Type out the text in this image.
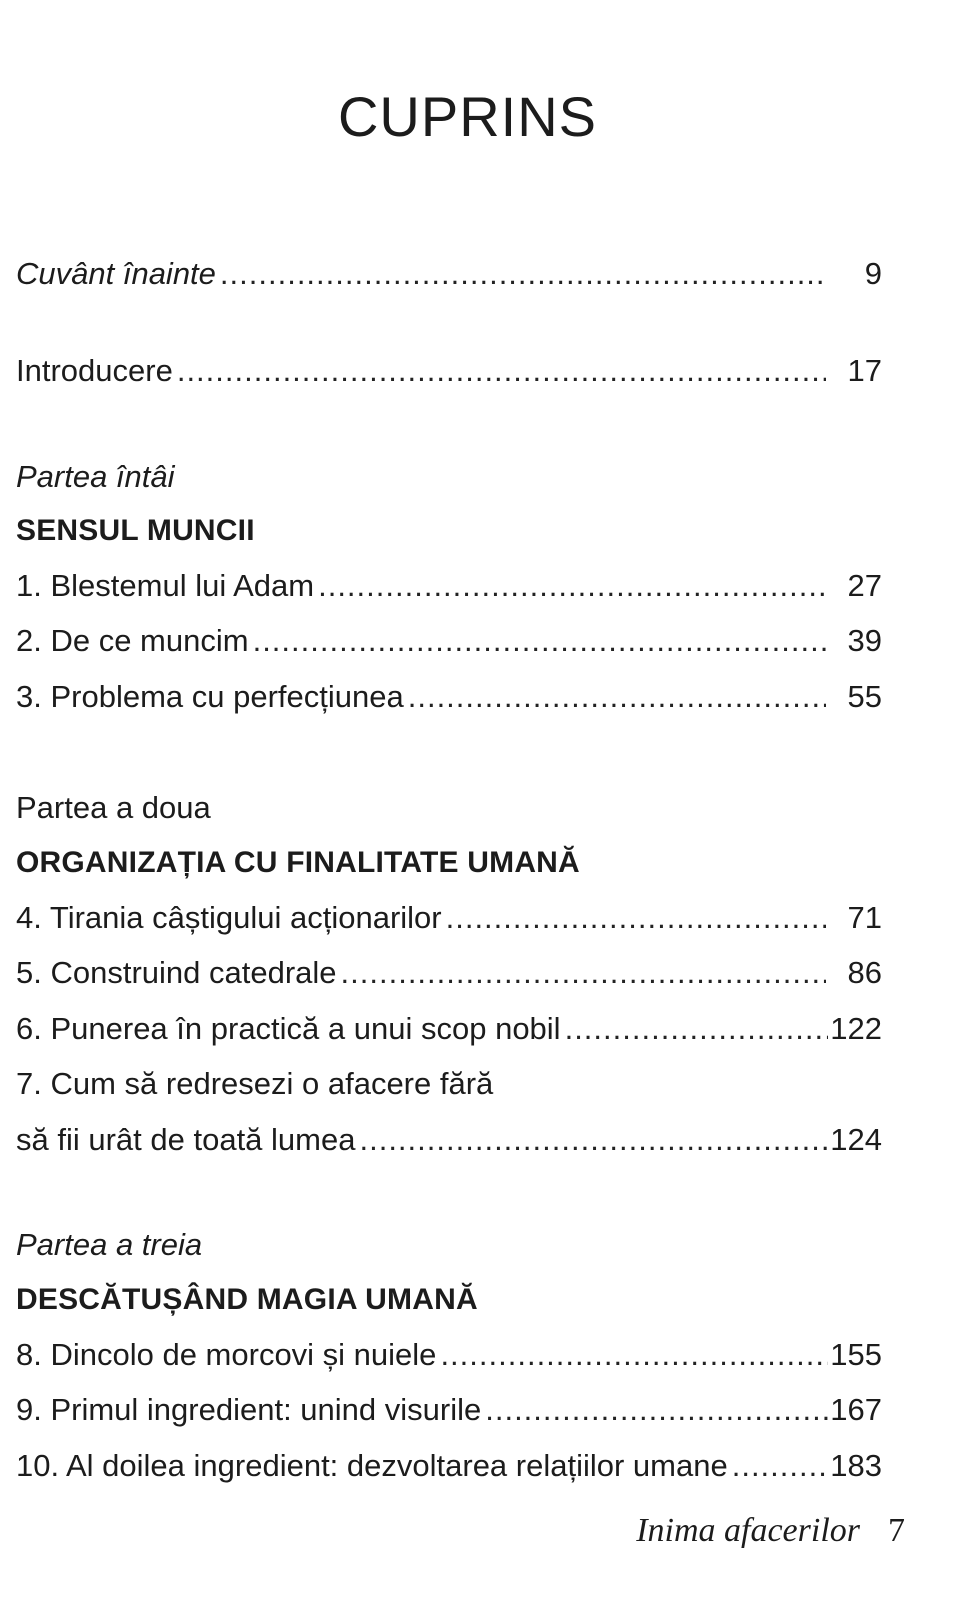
CUPRINS
Cuvânt înainte .....	9
Introducere .....	17
Partea întâi
SENSUL MUNCII
1. Blestemul lui Adam .....	27
2. De ce muncim .....	39
3. Problema cu perfecțiunea .....	55
Partea a doua
ORGANIZAȚIA CU FINALITATE UMANĂ
4. Tirania câștigului acționarilor .....	71
5. Construind catedrale .....	86
6. Punerea în practică a unui scop nobil .....	122
7. Cum să redresezi o afacere fără
să fii urât de toată lumea .....	124
Partea a treia
DESCĂTUȘÂND MAGIA UMANĂ
8. Dincolo de morcovi și nuiele .....	155
9. Primul ingredient: unind visurile .....	167
10. Al doilea ingredient: dezvoltarea relațiilor umane .....	183
Inima afacerilor 7
